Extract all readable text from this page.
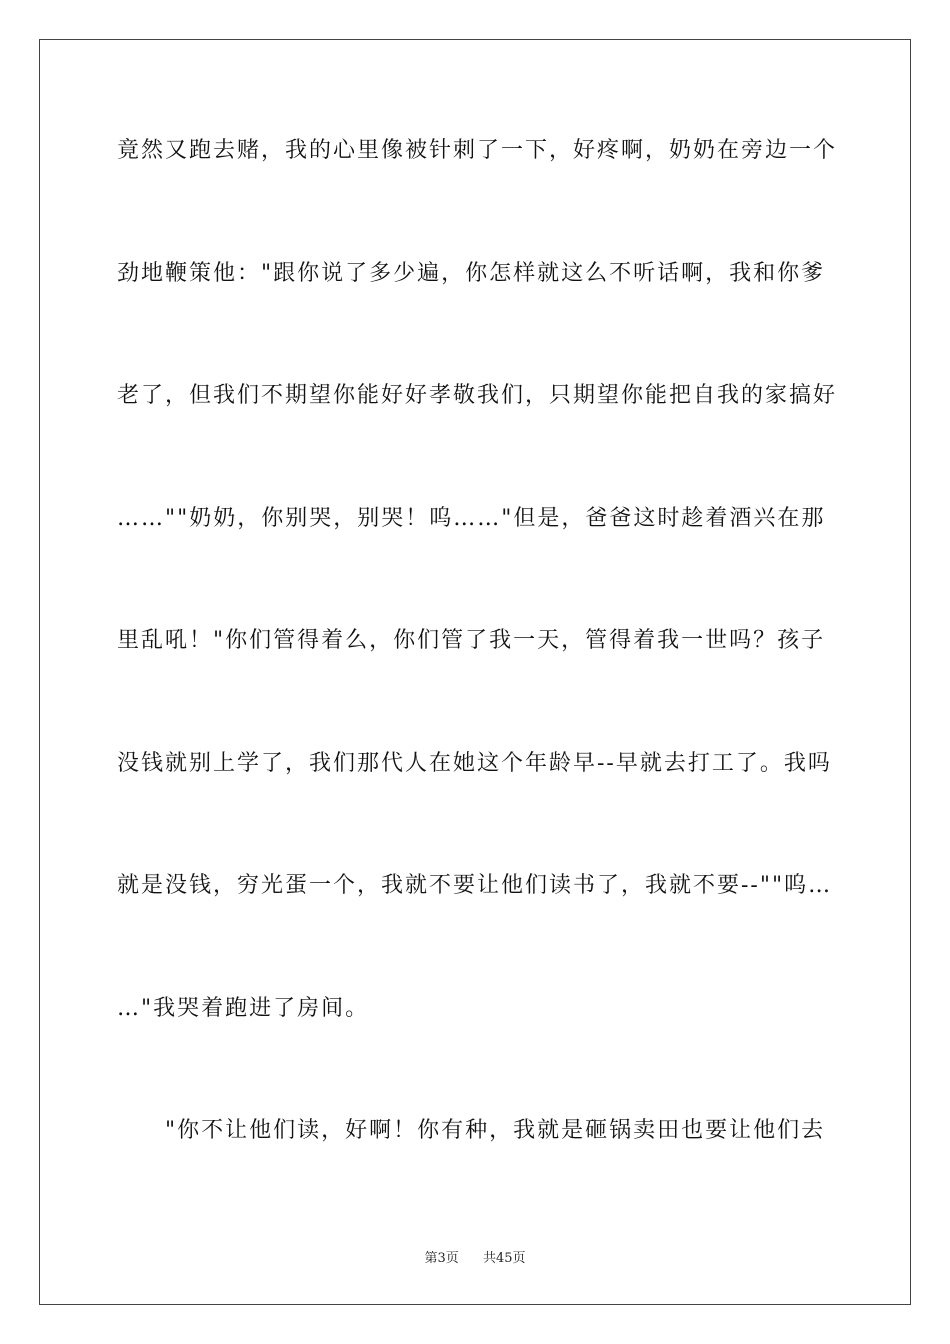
竟然又跑去赌，我的心里像被针刺了一下，好疼啊，奶奶在旁边一个
劲地鞭策他："跟你说了多少遍，你怎样就这么不听话啊，我和你爹
老了，但我们不期望你能好好孝敬我们，只期望你能把自我的家搞好
……""奶奶，你别哭，别哭！呜……"但是，爸爸这时趁着酒兴在那
里乱吼！"你们管得着么，你们管了我一天，管得着我一世吗？孩子
没钱就别上学了，我们那代人在她这个年龄早--早就去打工了。我吗
就是没钱，穷光蛋一个，我就不要让他们读书了，我就不要--""呜…
…"我哭着跑进了房间。
"你不让他们读，好啊！你有种，我就是砸锅卖田也要让他们去
第3页 共45页
